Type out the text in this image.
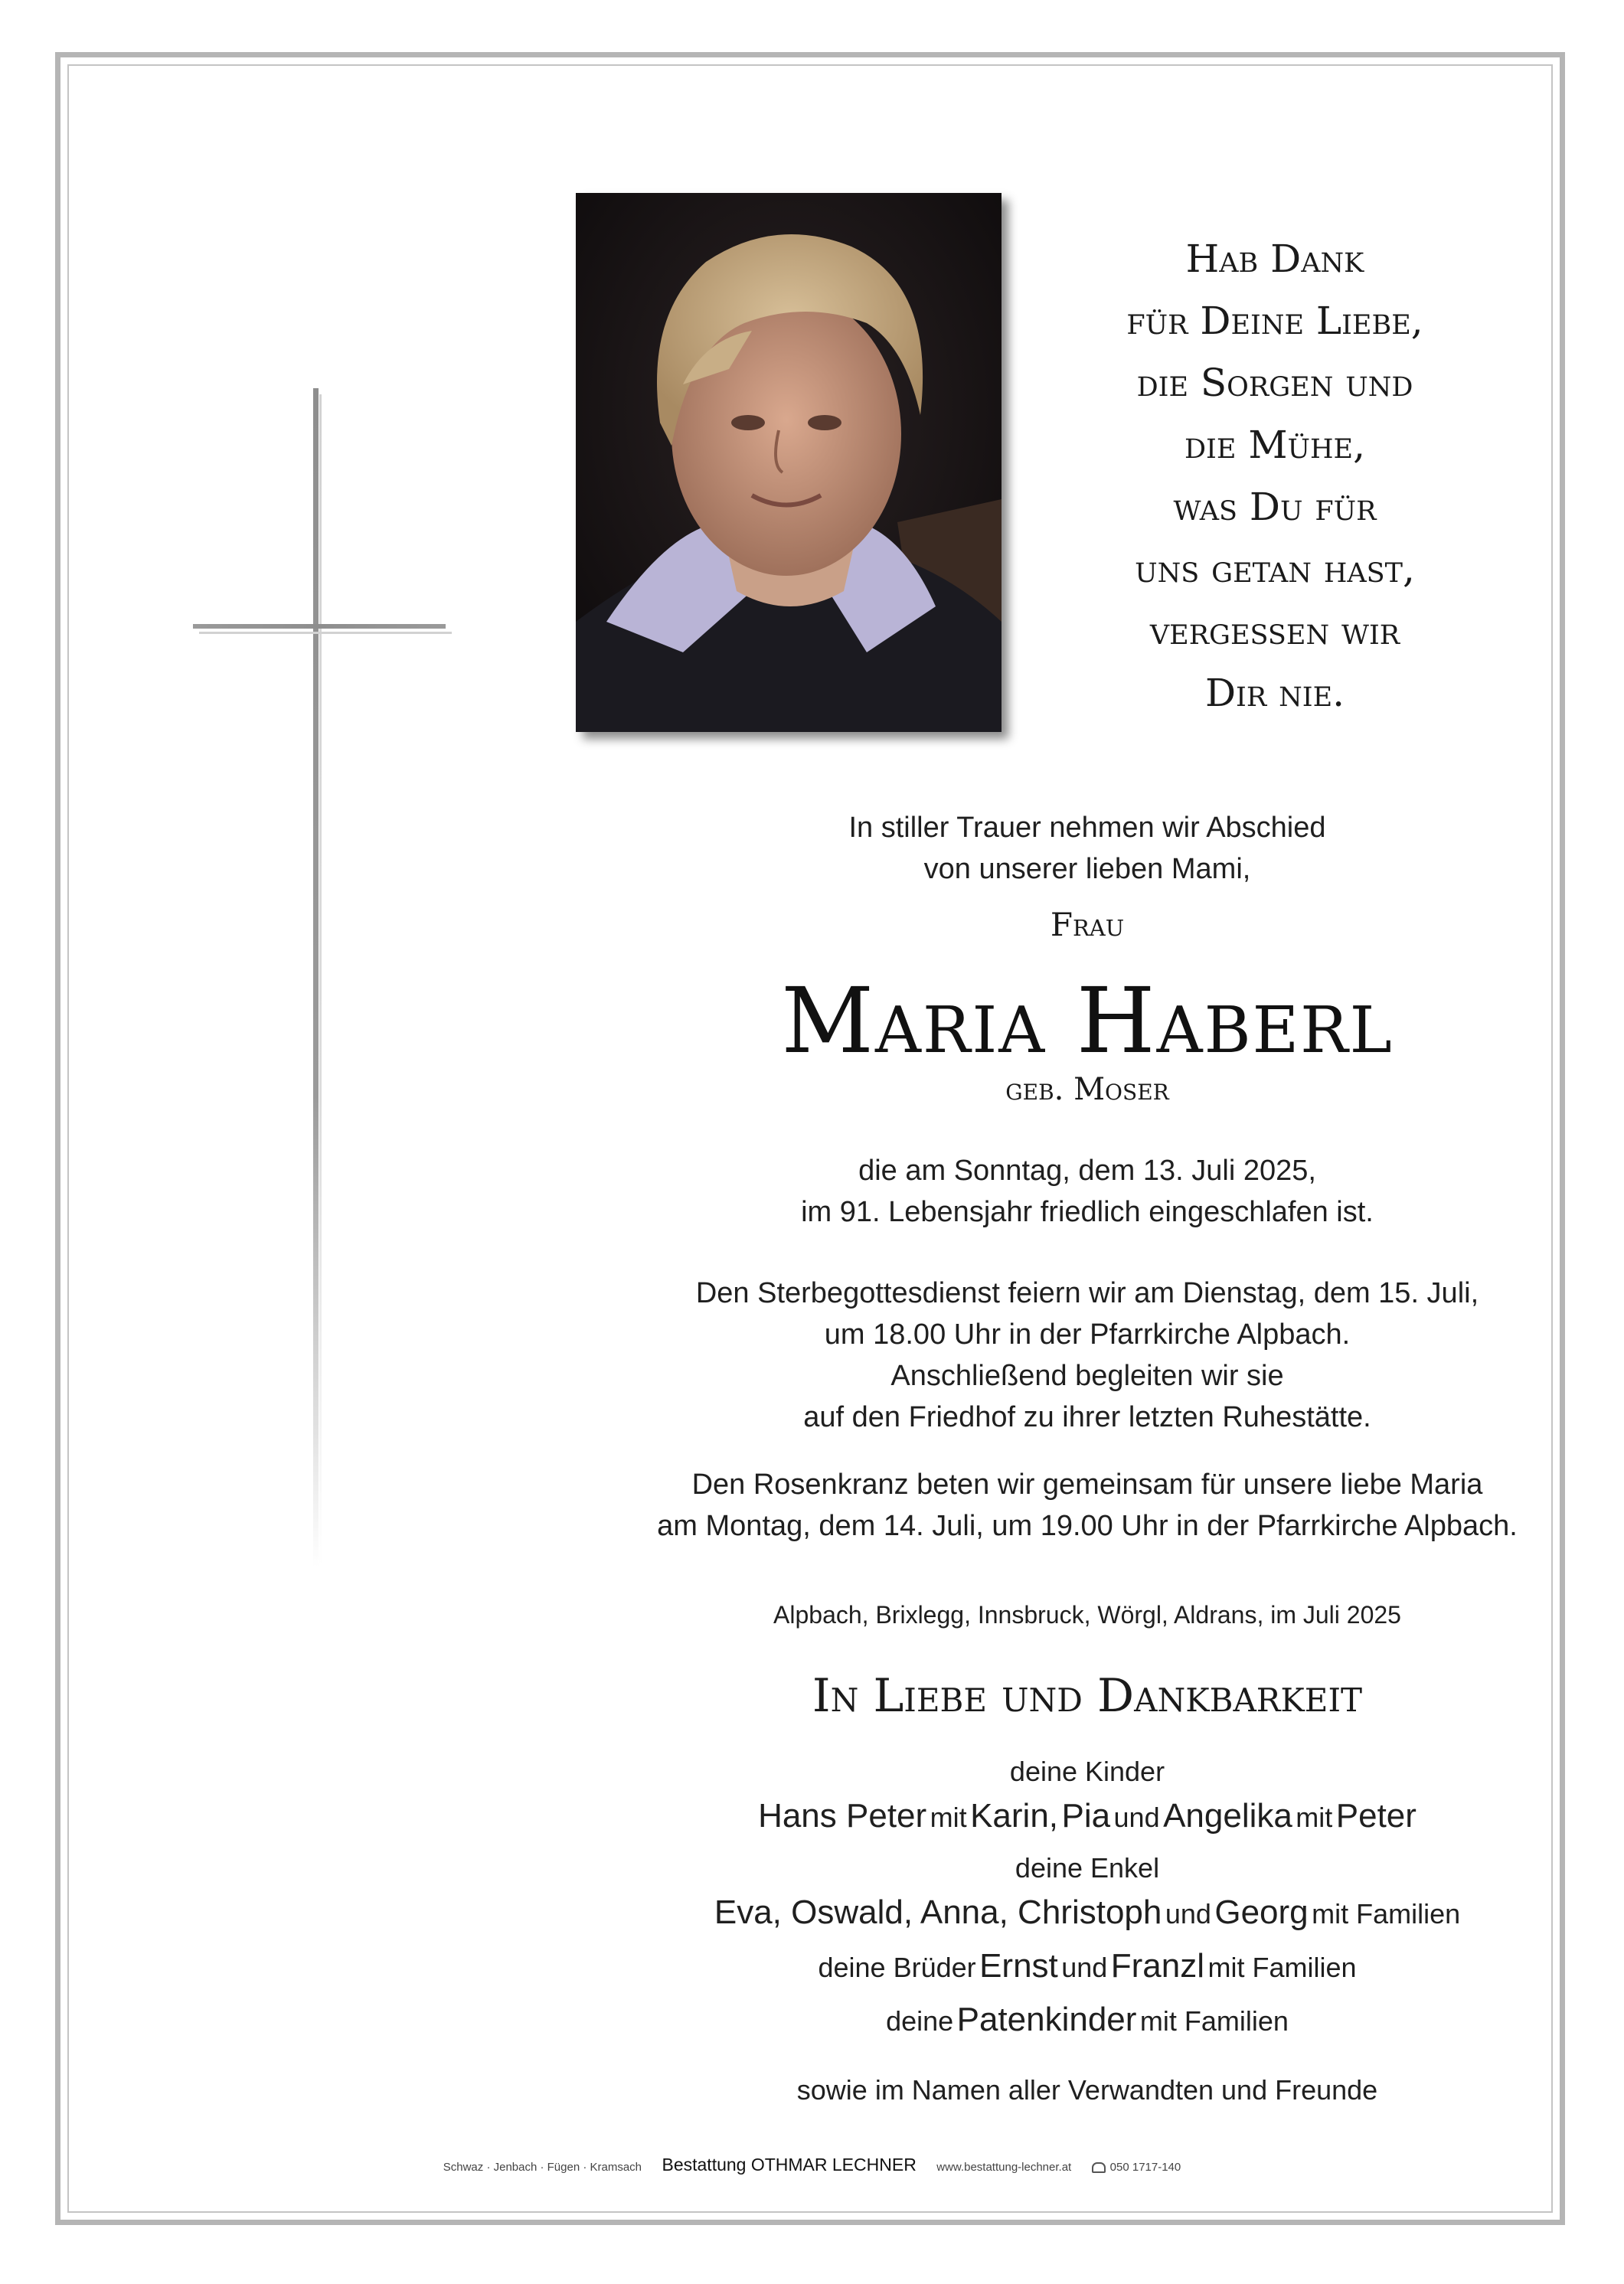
Hab Dank
für Deine Liebe,
die Sorgen und
die Mühe,
was Du für
uns getan hast,
vergessen wir
Dir nie.
In stiller Trauer nehmen wir Abschied
von unserer lieben Mami,
Frau
Maria Haberl
geb. Moser
die am Sonntag, dem 13. Juli 2025,
im 91. Lebensjahr friedlich eingeschlafen ist.
Den Sterbegottesdienst feiern wir am Dienstag, dem 15. Juli,
um 18.00 Uhr in der Pfarrkirche Alpbach.
Anschließend begleiten wir sie
auf den Friedhof zu ihrer letzten Ruhestätte.
Den Rosenkranz beten wir gemeinsam für unsere liebe Maria
am Montag, dem 14. Juli, um 19.00 Uhr in der Pfarrkirche Alpbach.
Alpbach, Brixlegg, Innsbruck, Wörgl, Aldrans, im Juli 2025
In Liebe und Dankbarkeit
deine Kinder
Hans Peter mit Karin, Pia und Angelika mit Peter
deine Enkel
Eva, Oswald, Anna, Christoph und Georg mit Familien
deine Brüder Ernst und Franzl mit Familien
deine Patenkinder mit Familien
sowie im Namen aller Verwandten und Freunde
Schwaz · Jenbach · Fügen · Kramsach Bestattung OTHMAR LECHNER www.bestattung-lechner.at	050 1717-140
